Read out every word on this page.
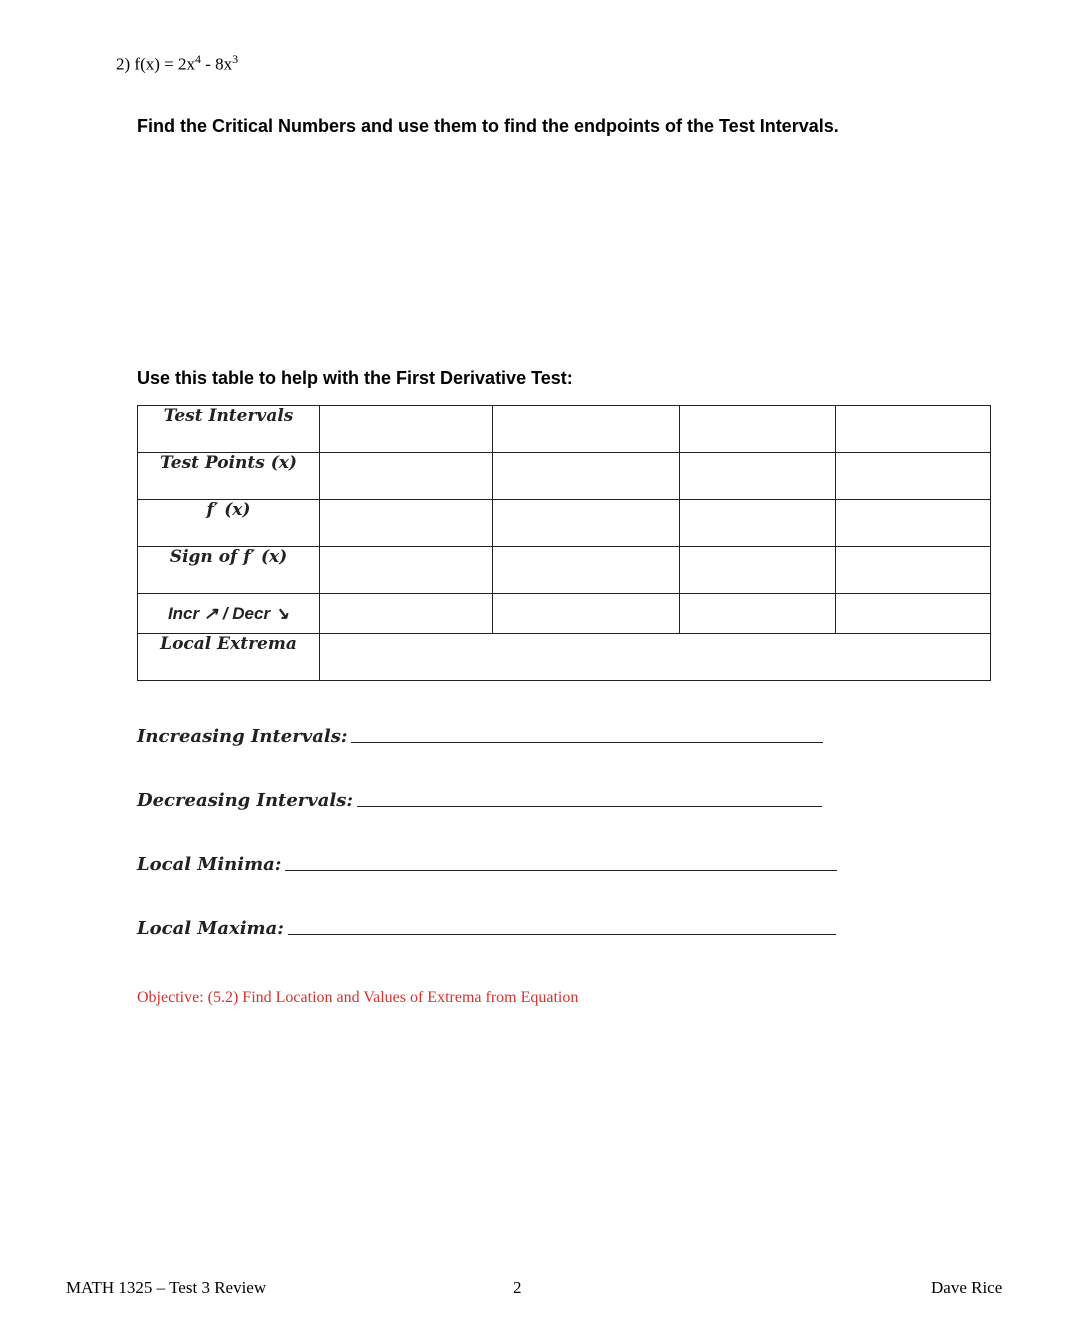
2) $f(x) = 2x^4 - 8x^3$
Find the Critical Numbers and use them to find the endpoints of the Test Intervals.
Use this table to help with the First Derivative Test:
Test Intervals				
Test Points (x)				
f′ (x)				
Sign of f′ (x)				
Incr ↗ / Decr ↘				
Local Extrema				
Increasing Intervals:
Decreasing Intervals:
Local Minima:
Local Maxima:
Objective: (5.2) Find Location and Values of Extrema from Equation
MATH 1325 – Test 3 Review	2	Dave Rice
